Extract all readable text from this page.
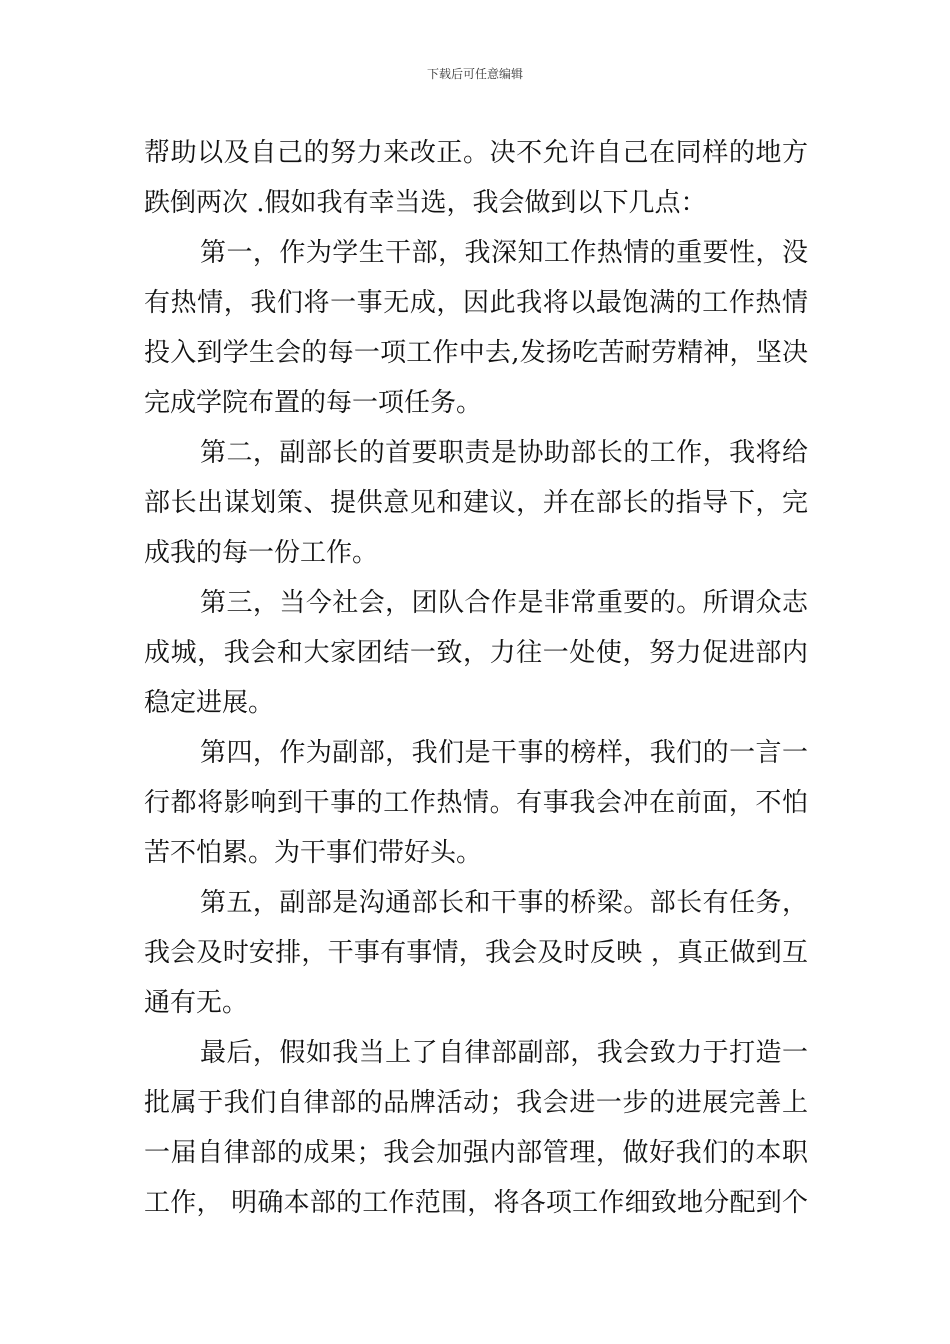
下载后可任意编辑
帮助以及自己的努力来改正。决不允许自己在同样的地方
跌倒两次 .假如我有幸当选，我会做到以下几点：
第一，作为学生干部，我深知工作热情的重要性，没
有热情，我们将一事无成，因此我将以最饱满的工作热情
投入到学生会的每一项工作中去,发扬吃苦耐劳精神，坚决
完成学院布置的每一项任务。
第二，副部长的首要职责是协助部长的工作，我将给
部长出谋划策、提供意见和建议，并在部长的指导下，完
成我的每一份工作。
第三，当今社会，团队合作是非常重要的。所谓众志
成城，我会和大家团结一致，力往一处使，努力促进部内
稳定进展。
第四，作为副部，我们是干事的榜样，我们的一言一
行都将影响到干事的工作热情。有事我会冲在前面，不怕
苦不怕累。为干事们带好头。
第五，副部是沟通部长和干事的桥梁。部长有任务，
我会及时安排，干事有事情，我会及时反映 ，真正做到互
通有无。
最后，假如我当上了自律部副部，我会致力于打造一
批属于我们自律部的品牌活动；我会进一步的进展完善上
一届自律部的成果；我会加强内部管理，做好我们的本职
工作， 明确本部的工作范围，将各项工作细致地分配到个
